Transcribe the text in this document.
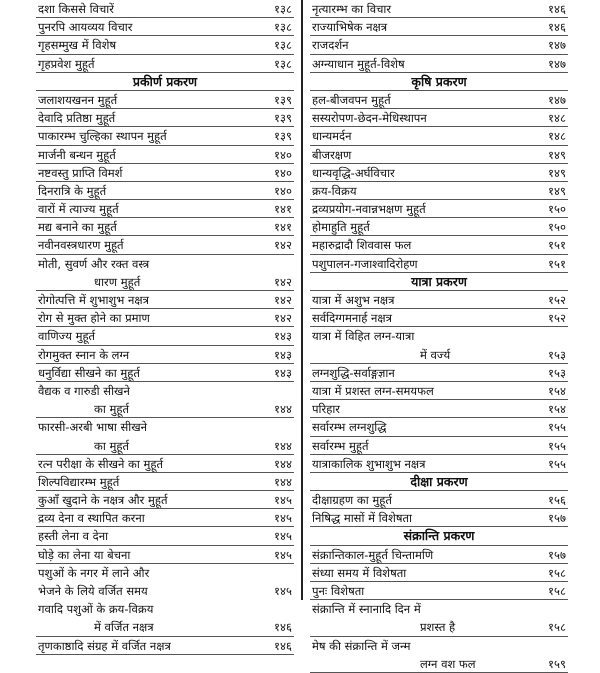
दशा किससे विचारें	१३८
पुनरपि आयव्यय विचार	१३८
गृहसम्मुख में विशेष	१३८
गृहप्रवेश मुहूर्त	१३८
प्रकीर्ण प्रकरण
जलाशयखनन मुहूर्त	१३९
देवादि प्रतिष्ठा मुहूर्त	१३९
पाकारम्भ चुल्हिका स्थापन मुहूर्त	१३९
मार्जनी बन्धन मुहूर्त	१४०
नष्टवस्तु प्राप्ति विमर्श	१४०
दिनरात्रि के मुहूर्त	१४०
वारों में त्याज्य मुहूर्त	१४१
मद्य बनाने का मुहूर्त	१४१
नवीनवस्त्रधारण मुहूर्त	१४२
मोती, सुवर्ण और रक्त वस्त्र
धारण मुहूर्त	१४२
रोगोत्पत्ति में शुभाशुभ नक्षत्र	१४२
रोग से मुक्त होने का प्रमाण	१४२
वाणिज्य मुहूर्त	१४३
रोगमुक्त स्नान के लग्न	१४३
धनुर्विद्या सीखने का मुहूर्त	१४३
वैद्यक व गारुडी सीखने
का मुहूर्त	१४४
फारसी-अरबी भाषा सीखने
का मुहूर्त	१४४
रत्न परीक्षा के सीखने का मुहूर्त	१४४
शिल्पविद्यारम्भ मुहूर्त	१४४
कुआँ खुदाने के नक्षत्र और मुहूर्त	१४५
द्रव्य देना व स्थापित करना	१४५
हस्ती लेना व देना	१४५
घोड़े का लेना या बेचना	१४५
पशुओं के नगर में लाने और
भेजने के लिये वर्जित समय	१४५
गवादि पशुओं के क्रय-विक्रय
में वर्जित नक्षत्र	१४६
तृणकाष्ठादि संग्रह में वर्जित नक्षत्र	१४६
नृत्यारम्भ का विचार	१४६
राज्याभिषेक नक्षत्र	१४६
राजदर्शन	१४७
अग्न्याधान मुहूर्त-विशेष	१४७
कृषि प्रकरण
हल-बीजवपन मुहूर्त	१४७
सस्यरोपण-छेदन-मेधिस्थापन	१४८
धान्यमर्दन	१४८
बीजरक्षण	१४९
धान्यवृद्धि-अर्घविचार	१४९
क्रय-विक्रय	१४९
द्रव्यप्रयोग-नवान्नभक्षण मुहूर्त	१५०
होमाहुति मुहूर्त	१५०
महारुद्रादौ शिववास फल	१५१
पशुपालन-गजाश्वादिरोहण	१५१
यात्रा प्रकरण
यात्रा में अशुभ नक्षत्र	१५२
सर्वदिग्गमनार्ह नक्षत्र	१५२
यात्रा में विहित लग्न-यात्रा
में वर्ज्य	१५३
लग्नशुद्धि-सर्वाङ्गज्ञान	१५३
यात्रा में प्रशस्त लग्न-समयफल	१५४
परिहार	१५४
सर्वारम्भ लग्नशुद्धि	१५५
सर्वारम्भ मुहूर्त	१५५
यात्राकालिक शुभाशुभ नक्षत्र	१५५
दीक्षा प्रकरण
दीक्षाग्रहण का मुहूर्त	१५६
निषिद्ध मासों में विशेषता	१५७
संक्रान्ति प्रकरण
संक्रान्तिकाल-मुहूर्त चिन्तामणि	१५७
संध्या समय में विशेषता	१५८
पुनः विशेषता	१५८
संक्रान्ति में स्नानादि दिन में
प्रशस्त है	१५८
मेष की संक्रान्ति में जन्म
लग्न वश फल	१५९
